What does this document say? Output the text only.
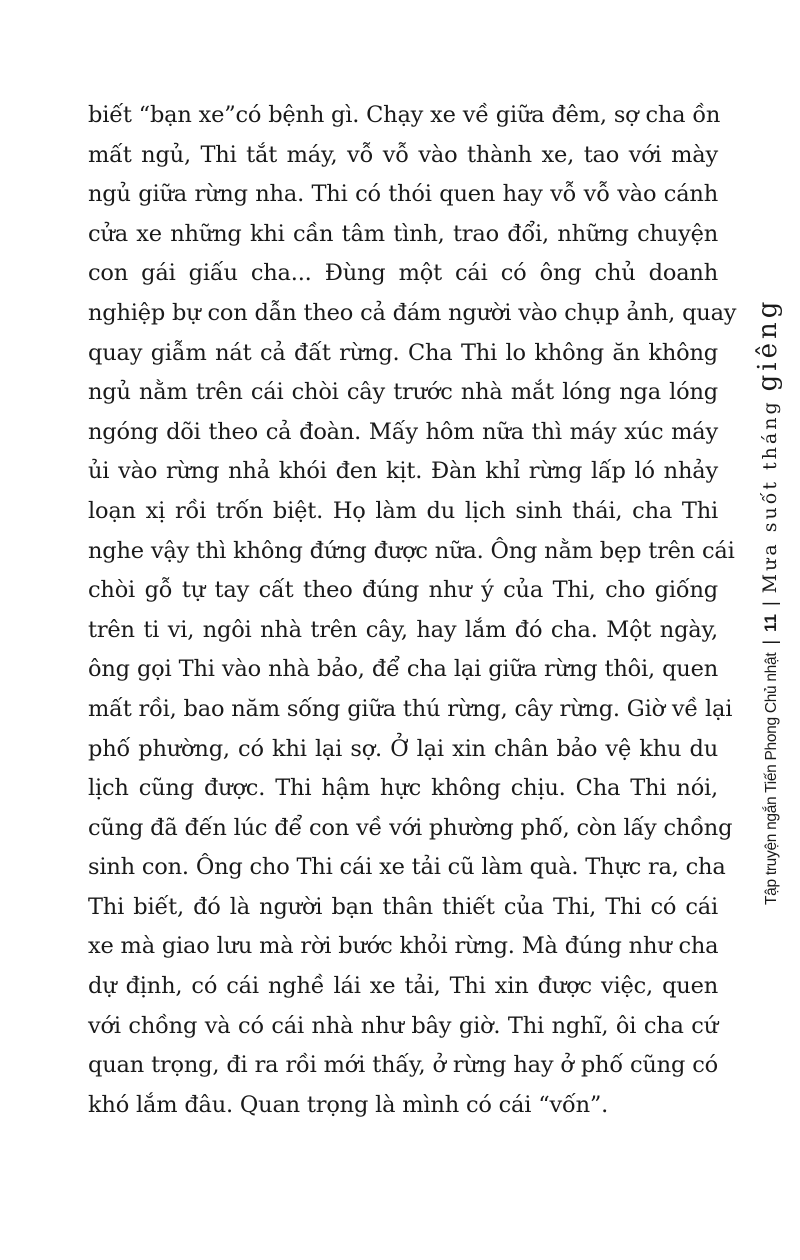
biết “bạn xe”có bệnh gì. Chạy xe về giữa đêm, sợ cha ồn
mất ngủ, Thi tắt máy, vỗ vỗ vào thành xe, tao với mày
ngủ giữa rừng nha. Thi có thói quen hay vỗ vỗ vào cánh
cửa xe những khi cần tâm tình, trao đổi, những chuyện
con gái giấu cha... Đùng một cái có ông chủ doanh
nghiệp bự con dẫn theo cả đám người vào chụp ảnh, quay
quay giẫm nát cả đất rừng. Cha Thi lo không ăn không
ngủ nằm trên cái chòi cây trước nhà mắt lóng nga lóng
ngóng dõi theo cả đoàn. Mấy hôm nữa thì máy xúc máy
ủi vào rừng nhả khói đen kịt. Đàn khỉ rừng lấp ló nhảy
loạn xị rồi trốn biệt. Họ làm du lịch sinh thái, cha Thi
nghe vậy thì không đứng được nữa. Ông nằm bẹp trên cái
chòi gỗ tự tay cất theo đúng như ý của Thi, cho giống
trên ti vi, ngôi nhà trên cây, hay lắm đó cha. Một ngày,
ông gọi Thi vào nhà bảo, để cha lại giữa rừng thôi, quen
mất rồi, bao năm sống giữa thú rừng, cây rừng. Giờ về lại
phố phường, có khi lại sợ. Ở lại xin chân bảo vệ khu du
lịch cũng được. Thi hậm hực không chịu. Cha Thi nói,
cũng đã đến lúc để con về với phường phố, còn lấy chồng
sinh con. Ông cho Thi cái xe tải cũ làm quà. Thực ra, cha
Thi biết, đó là người bạn thân thiết của Thi, Thi có cái
xe mà giao lưu mà rời bước khỏi rừng. Mà đúng như cha
dự định, có cái nghề lái xe tải, Thi xin được việc, quen
với chồng và có cái nhà như bây giờ. Thi nghĩ, ôi cha cứ
quan trọng, đi ra rồi mới thấy, ở rừng hay ở phố cũng có
khó lắm đâu. Quan trọng là mình có cái “vốn”.
Tập truyện ngắn Tiến Phong Chủ nhật
|
11
|
Mưa suốt tháng
giêng
